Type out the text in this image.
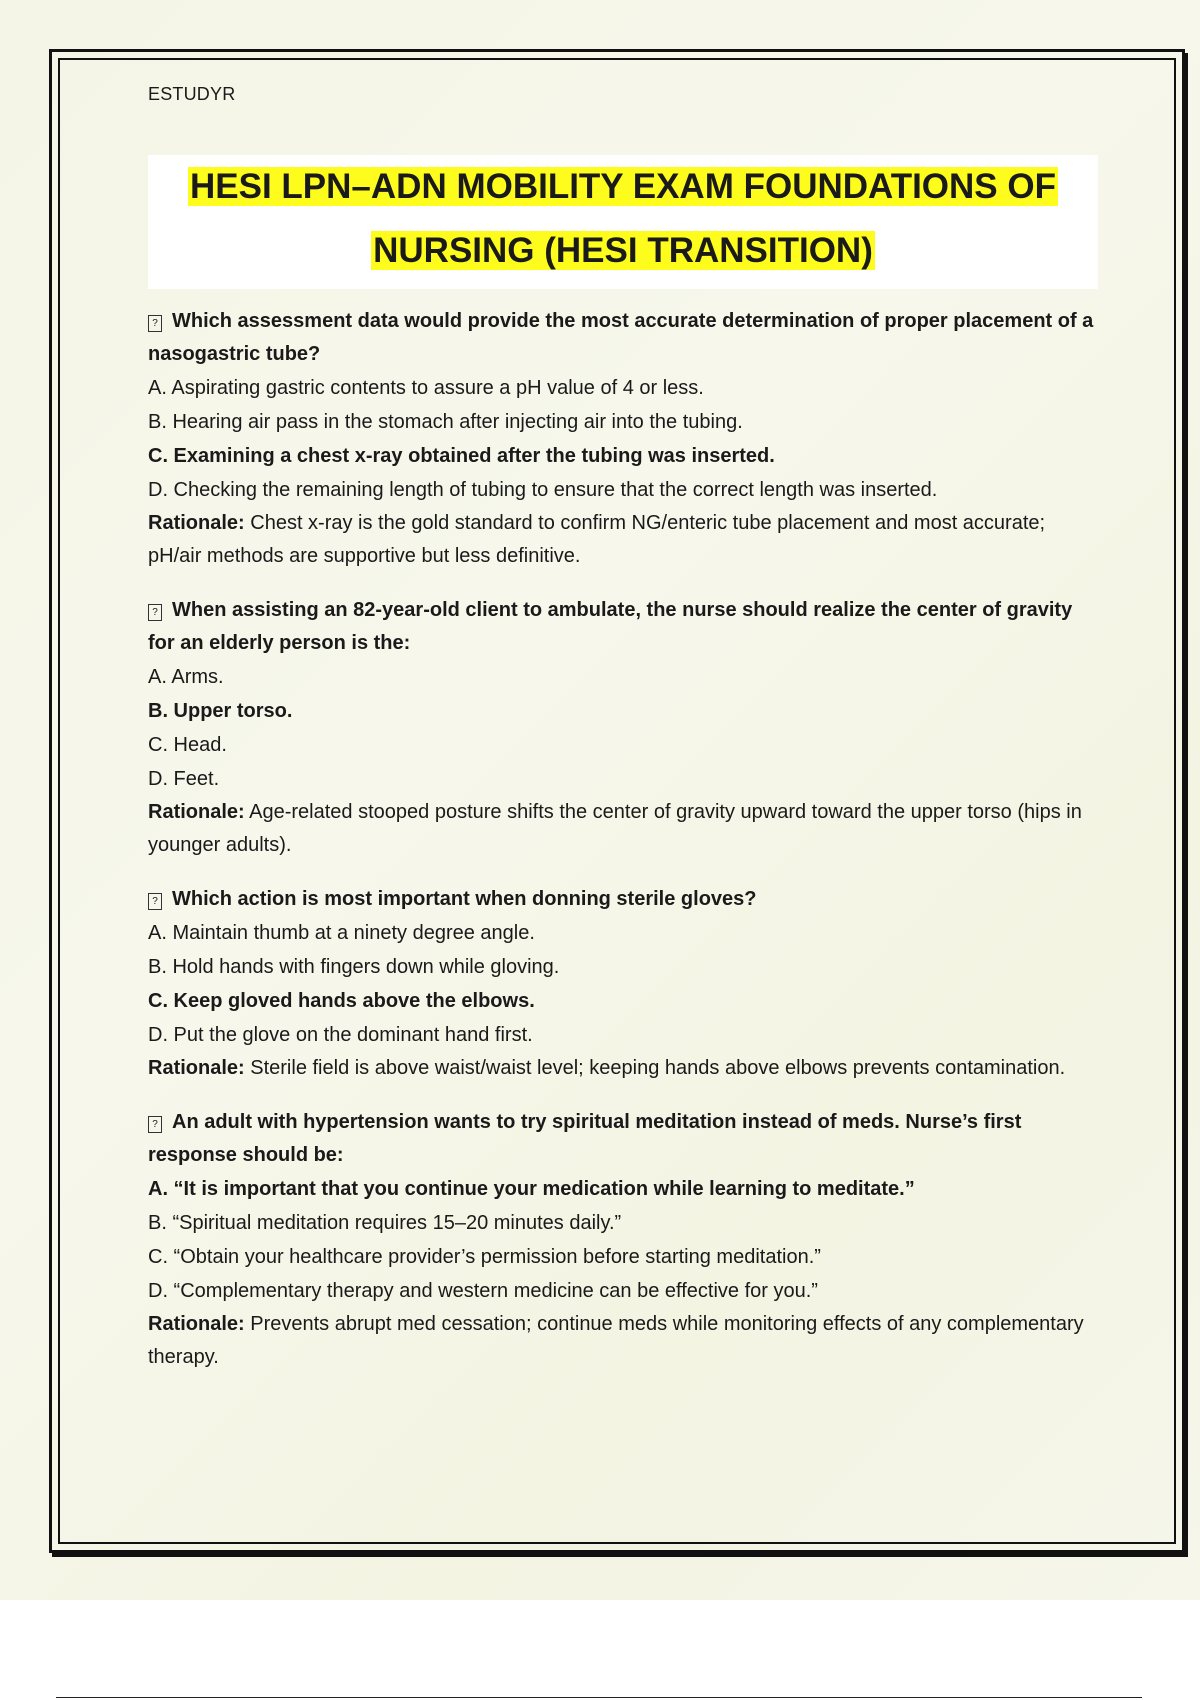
ESTUDYR
HESI LPN–ADN MOBILITY EXAM FOUNDATIONS OF
NURSING (HESI TRANSITION)
? Which assessment data would provide the most accurate determination of proper placement of a nasogastric tube?
A. Aspirating gastric contents to assure a pH value of 4 or less.
B. Hearing air pass in the stomach after injecting air into the tubing.
C. Examining a chest x-ray obtained after the tubing was inserted.
D. Checking the remaining length of tubing to ensure that the correct length was inserted.
Rationale: Chest x-ray is the gold standard to confirm NG/enteric tube placement and most accurate; pH/air methods are supportive but less definitive.
? When assisting an 82-year-old client to ambulate, the nurse should realize the center of gravity for an elderly person is the:
A. Arms.
B. Upper torso.
C. Head.
D. Feet.
Rationale: Age-related stooped posture shifts the center of gravity upward toward the upper torso (hips in younger adults).
? Which action is most important when donning sterile gloves?
A. Maintain thumb at a ninety degree angle.
B. Hold hands with fingers down while gloving.
C. Keep gloved hands above the elbows.
D. Put the glove on the dominant hand first.
Rationale: Sterile field is above waist/waist level; keeping hands above elbows prevents contamination.
? An adult with hypertension wants to try spiritual meditation instead of meds. Nurse’s first response should be:
A. “It is important that you continue your medication while learning to meditate.”
B. “Spiritual meditation requires 15–20 minutes daily.”
C. “Obtain your healthcare provider’s permission before starting meditation.”
D. “Complementary therapy and western medicine can be effective for you.”
Rationale: Prevents abrupt med cessation; continue meds while monitoring effects of any complementary therapy.
